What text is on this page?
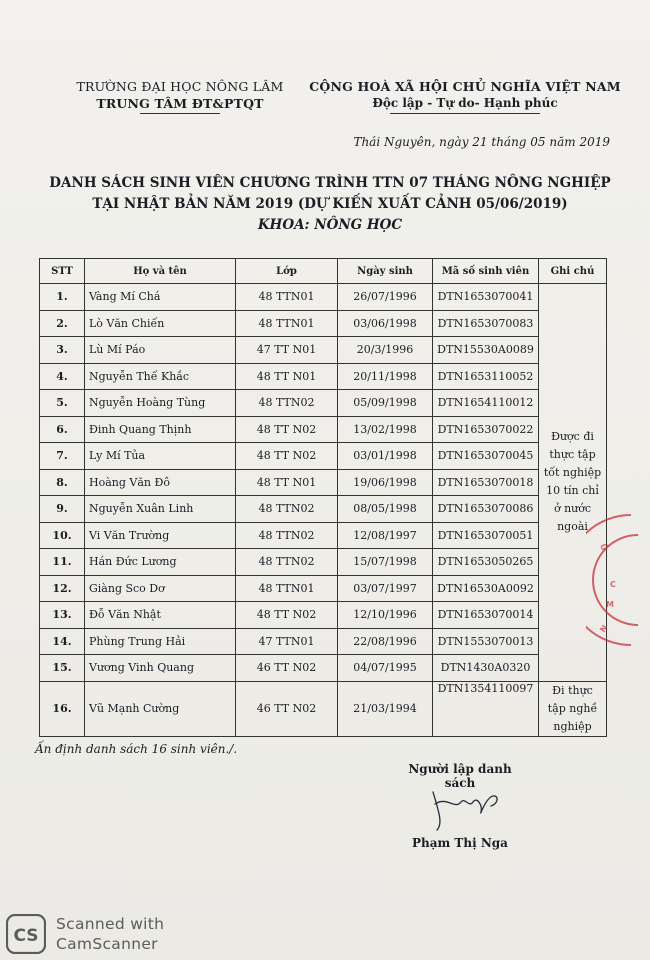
TRƯỜNG ĐẠI HỌC NÔNG LÂM
TRUNG TÂM ĐT&PTQT
CỘNG HOÀ XÃ HỘI CHỦ NGHĨA VIỆT NAM
Độc lập - Tự do- Hạnh phúc
Thái Nguyên, ngày 21 tháng 05 năm 2019
DANH SÁCH SINH VIÊN CHƯƠNG TRÌNH TTN 07 THÁNG NÔNG NGHIỆP
TẠI NHẬT BẢN NĂM 2019 (DỰ KIẾN XUẤT CẢNH 05/06/2019)
KHOA: NÔNG HỌC
STT	Họ và tên	Lớp	Ngày sinh	Mã số sinh viên	Ghi chú
1.	Vàng Mí Chá	48 TTN01	26/07/1996	DTN1653070041	Được đi thực tập tốt nghiệp 10 tín chỉ ở nước ngoài
2.	Lò Văn Chiến	48 TTN01	03/06/1998	DTN1653070083	
3.	Lù Mí Páo	47 TT N01	20/3/1996	DTN15530A0089	
4.	Nguyễn Thế Khắc	48 TT N01	20/11/1998	DTN1653110052	
5.	Nguyễn Hoàng Tùng	48 TTN02	05/09/1998	DTN1654110012	
6.	Đinh Quang Thịnh	48 TT N02	13/02/1998	DTN1653070022	
7.	Ly Mí Tủa	48 TT N02	03/01/1998	DTN1653070045	
8.	Hoàng Văn Đô	48 TT N01	19/06/1998	DTN1653070018	
9.	Nguyễn Xuân Linh	48 TTN02	08/05/1998	DTN1653070086	
10.	Vi Văn Trường	48 TTN02	12/08/1997	DTN1653070051	
11.	Hán Đức Lương	48 TTN02	15/07/1998	DTN1653050265	
12.	Giàng Sco Dơ	48 TTN01	03/07/1997	DTN16530A0092	
13.	Đỗ Văn Nhật	48 TT N02	12/10/1996	DTN1653070014	
14.	Phùng Trung Hải	47 TTN01	22/08/1996	DTN1553070013	
15.	Vương Vinh Quang	46 TT N02	04/07/1995	DTN1430A0320	
16.	Vũ Mạnh Cường	46 TT N02	21/03/1994	DTN1354110097	Đi thực tập nghề nghiệp
Ũ
C
M
N
Ấn định danh sách 16 sinh viên./.
Người lập danh sách
Phạm Thị Nga
CS
Scanned with
CamScanner
